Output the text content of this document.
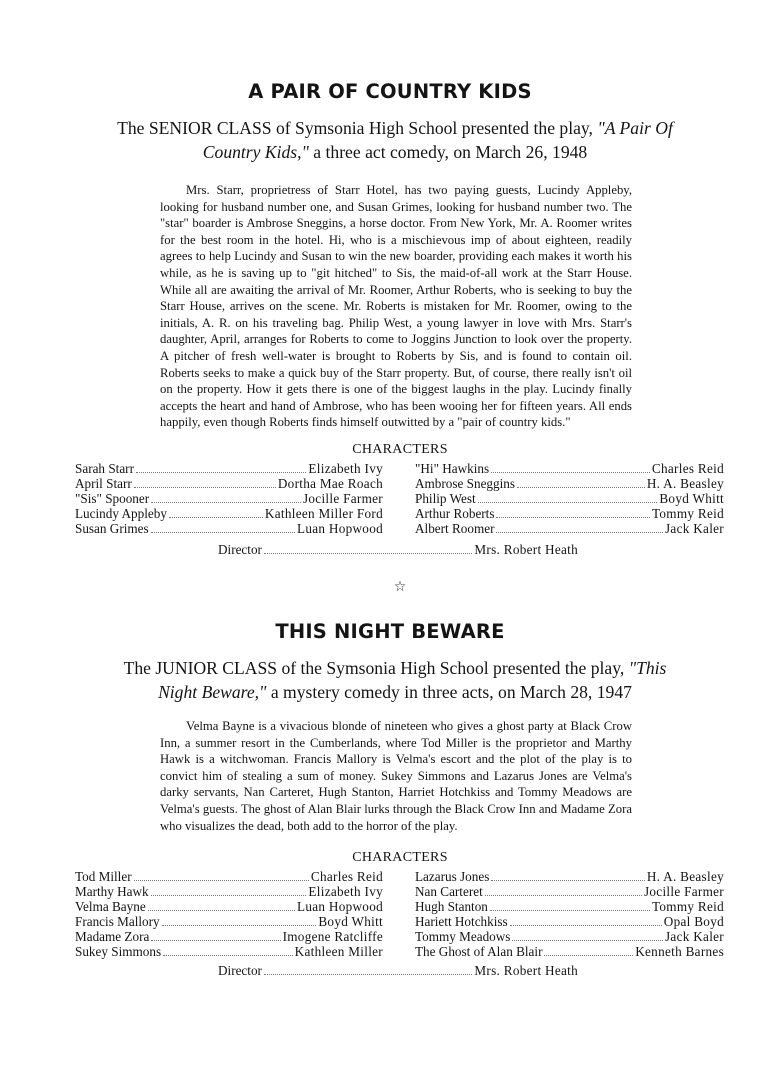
A PAIR OF COUNTRY KIDS
The SENIOR CLASS of Symsonia High School presented the play, "A Pair Of Country Kids," a three act comedy, on March 26, 1948
Mrs. Starr, proprietress of Starr Hotel, has two paying guests, Lucindy Appleby, looking for husband number one, and Susan Grimes, looking for husband number two. The "star" boarder is Ambrose Sneggins, a horse doctor. From New York, Mr. A. Roomer writes for the best room in the hotel. Hi, who is a mischievous imp of about eighteen, readily agrees to help Lucindy and Susan to win the new boarder, providing each makes it worth his while, as he is saving up to "git hitched" to Sis, the maid-of-all work at the Starr House. While all are awaiting the arrival of Mr. Roomer, Arthur Roberts, who is seeking to buy the Starr House, arrives on the scene. Mr. Roberts is mistaken for Mr. Roomer, owing to the initials, A. R. on his traveling bag. Philip West, a young lawyer in love with Mrs. Starr's daughter, April, arranges for Roberts to come to Joggins Junction to look over the property. A pitcher of fresh well-water is brought to Roberts by Sis, and is found to contain oil. Roberts seeks to make a quick buy of the Starr property. But, of course, there really isn't oil on the property. How it gets there is one of the biggest laughs in the play. Lucindy finally accepts the heart and hand of Ambrose, who has been wooing her for fifteen years. All ends happily, even though Roberts finds himself outwitted by a "pair of country kids."
CHARACTERS
Sarah Starr	Elizabeth Ivy
April Starr	Dortha Mae Roach
"Sis" Spooner	Jocille Farmer
Lucindy Appleby	Kathleen Miller Ford
Susan Grimes	Luan Hopwood
"Hi" Hawkins	Charles Reid
Ambrose Sneggins	H. A. Beasley
Philip West	Boyd Whitt
Arthur Roberts	Tommy Reid
Albert Roomer	Jack Kaler
Director	Mrs. Robert Heath
☆
THIS NIGHT BEWARE
The JUNIOR CLASS of the Symsonia High School presented the play, "This Night Beware," a mystery comedy in three acts, on March 28, 1947
Velma Bayne is a vivacious blonde of nineteen who gives a ghost party at Black Crow Inn, a summer resort in the Cumberlands, where Tod Miller is the proprietor and Marthy Hawk is a witchwoman. Francis Mallory is Velma's escort and the plot of the play is to convict him of stealing a sum of money. Sukey Simmons and Lazarus Jones are Velma's darky servants, Nan Carteret, Hugh Stanton, Harriet Hotchkiss and Tommy Meadows are Velma's guests. The ghost of Alan Blair lurks through the Black Crow Inn and Madame Zora who visualizes the dead, both add to the horror of the play.
CHARACTERS
Tod Miller	Charles Reid
Marthy Hawk	Elizabeth Ivy
Velma Bayne	Luan Hopwood
Francis Mallory	Boyd Whitt
Madame Zora	Imogene Ratcliffe
Sukey Simmons	Kathleen Miller
Lazarus Jones	H. A. Beasley
Nan Carteret	Jocille Farmer
Hugh Stanton	Tommy Reid
Hariett Hotchkiss	Opal Boyd
Tommy Meadows	Jack Kaler
The Ghost of Alan Blair	Kenneth Barnes
Director	Mrs. Robert Heath
